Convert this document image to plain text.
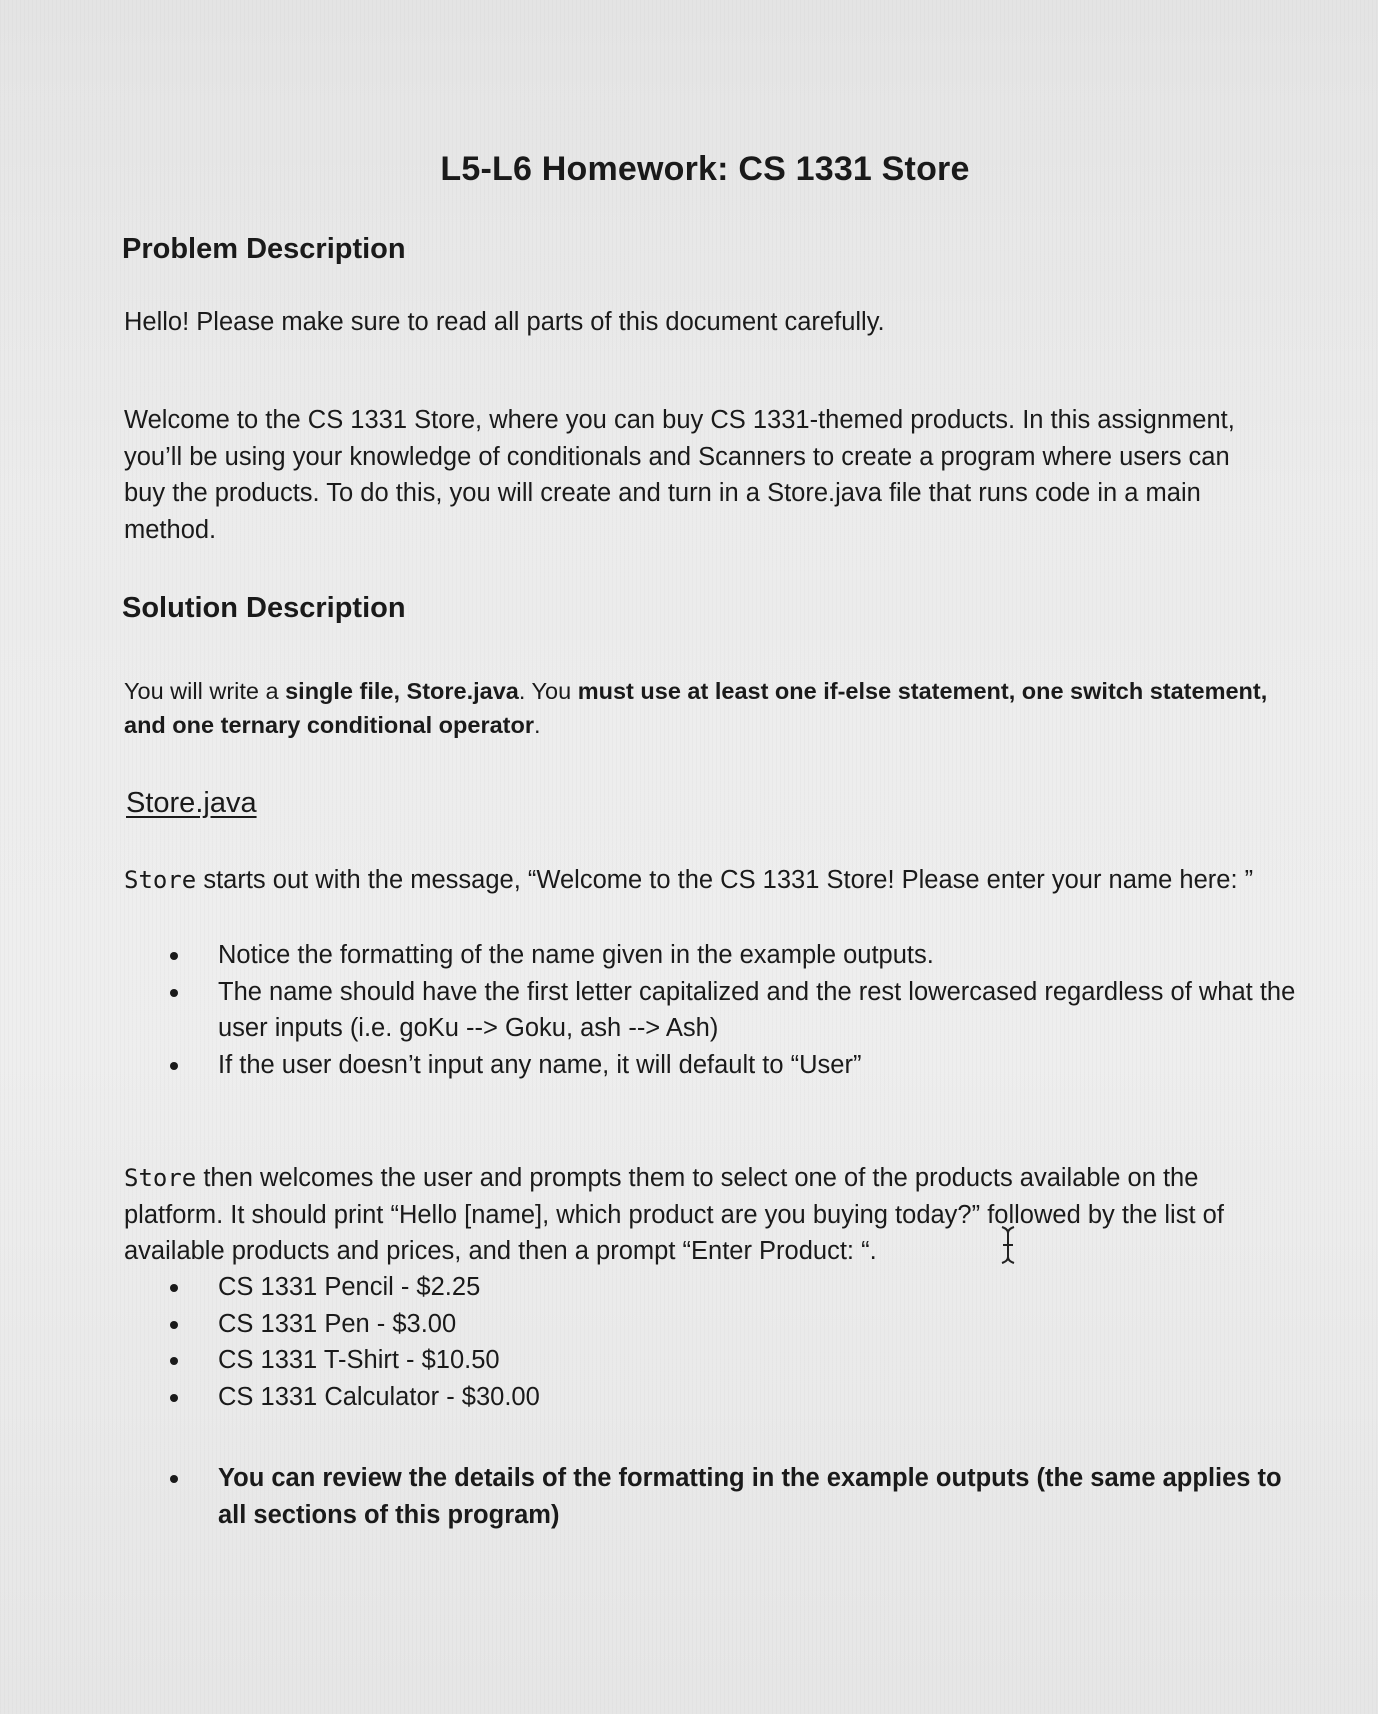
L5-L6 Homework: CS 1331 Store
Problem Description
Hello! Please make sure to read all parts of this document carefully.
Welcome to the CS 1331 Store, where you can buy CS 1331-themed products. In this assignment, you’ll be using your knowledge of conditionals and Scanners to create a program where users can buy the products. To do this, you will create and turn in a Store.java file that runs code in a main method.
Solution Description
You will write a single file, Store.java. You must use at least one if-else statement, one switch statement, and one ternary conditional operator.
Store.java
Store starts out with the message, “Welcome to the CS 1331 Store! Please enter your name here: ”
Notice the formatting of the name given in the example outputs.
The name should have the first letter capitalized and the rest lowercased regardless of what the user inputs (i.e. goKu --> Goku, ash --> Ash)
If the user doesn’t input any name, it will default to “User”
Store then welcomes the user and prompts them to select one of the products available on the platform. It should print “Hello [name], which product are you buying today?” followed by the list of available products and prices, and then a prompt “Enter Product: “.
CS 1331 Pencil - $2.25
CS 1331 Pen - $3.00
CS 1331 T-Shirt - $10.50
CS 1331 Calculator - $30.00
You can review the details of the formatting in the example outputs (the same applies to all sections of this program)
